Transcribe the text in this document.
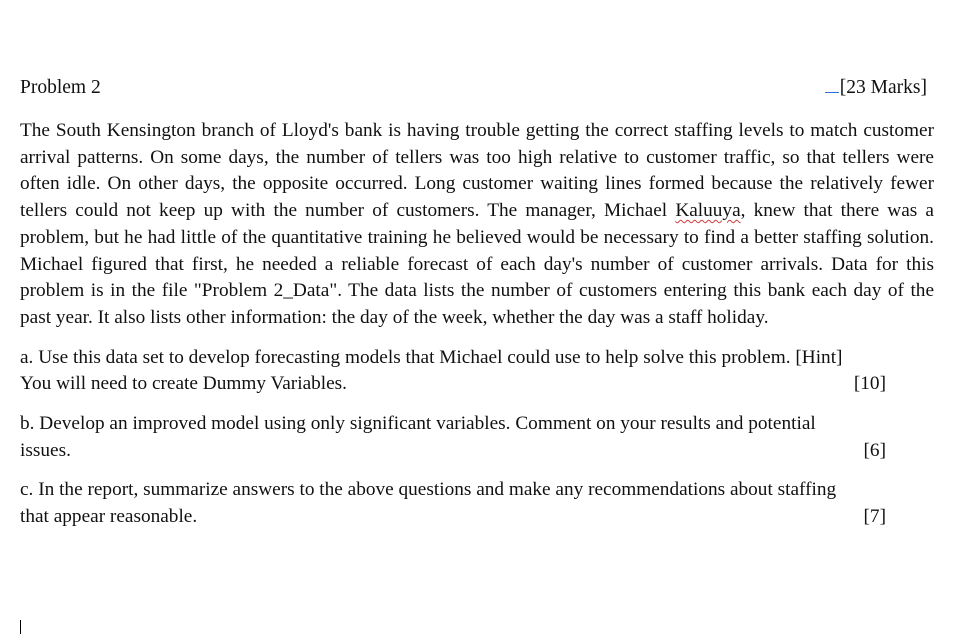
Problem 2	[23 Marks]

The South Kensington branch of Lloyd's bank is having trouble getting the correct staffing levels to match customer arrival patterns. On some days, the number of tellers was too high relative to customer traffic, so that tellers were often idle. On other days, the opposite occurred. Long customer waiting lines formed because the relatively fewer tellers could not keep up with the number of customers. The manager, Michael Kaluuya, knew that there was a problem, but he had little of the quantitative training he believed would be necessary to find a better staffing solution. Michael figured that first, he needed a reliable forecast of each day's number of customer arrivals. Data for this problem is in the file "Problem 2_Data". The data lists the number of customers entering this bank each day of the past year. It also lists other information: the day of the week, whether the day was a staff holiday.

a. Use this data set to develop forecasting models that Michael could use to help solve this problem. [Hint]
You will need to create Dummy Variables.	[10]
b. Develop an improved model using only significant variables. Comment on your results and potential
issues.	[6]
c. In the report, summarize answers to the above questions and make any recommendations about staffing
that appear reasonable.	[7]
